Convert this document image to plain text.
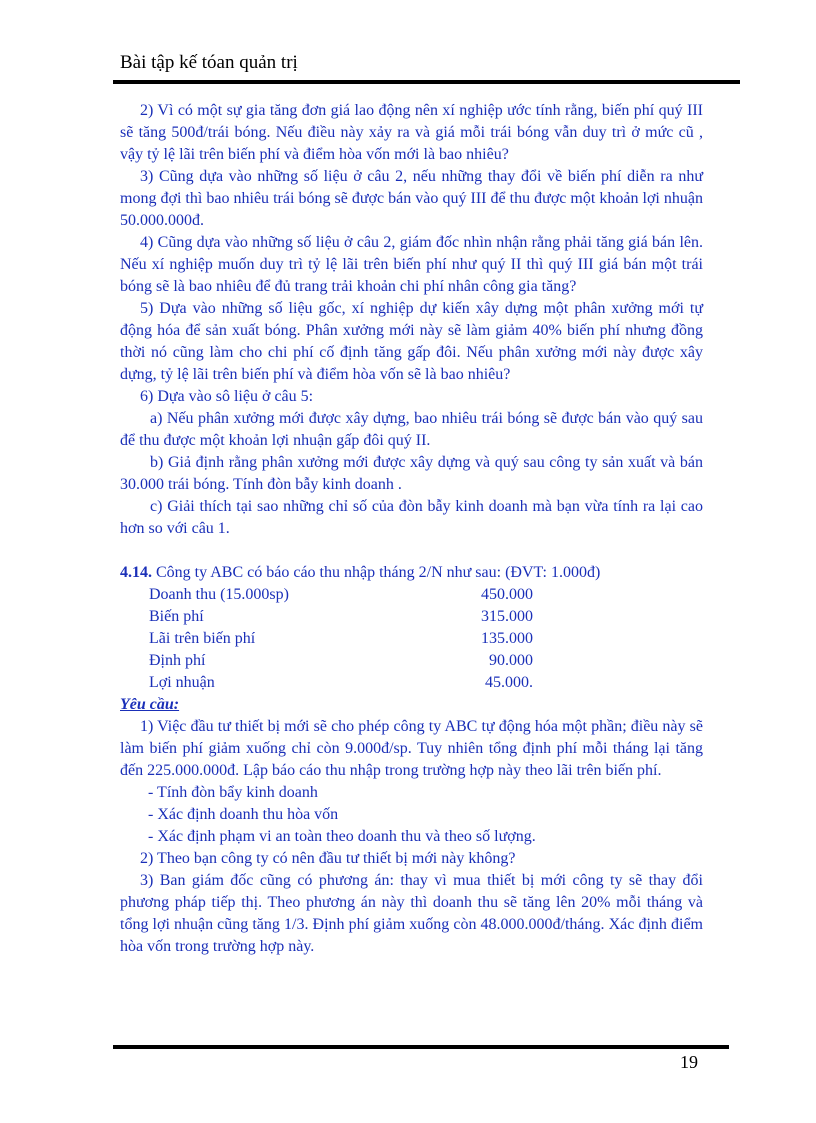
Bài tập kế tóan quản trị

2) Vì có một sự gia tăng đơn giá lao động nên xí nghiệp ước tính rằng, biến phí quý III sẽ tăng 500đ/trái bóng. Nếu điều này xảy ra và giá mỗi trái bóng vẫn duy trì ở mức cũ , vậy tỷ lệ lãi trên biến phí và điểm hòa vốn mới là bao nhiêu?

3) Cũng dựa vào những số liệu ở câu 2, nếu những thay đổi về biến phí diễn ra như mong đợi thì bao nhiêu trái bóng sẽ được bán vào quý III để thu được một khoản lợi nhuận 50.000.000đ.

4) Cũng dựa vào những số liệu ở câu 2, giám đốc nhìn nhận rằng phải tăng giá bán lên. Nếu xí nghiệp muốn duy trì tỷ lệ lãi trên biến phí như quý II thì quý III giá bán một trái bóng sẽ là bao nhiêu để đủ trang trải khoản chi phí nhân công gia tăng?

5) Dựa vào những số liệu gốc, xí nghiệp dự kiến xây dựng một phân xưởng mới tự động hóa để sản xuất bóng. Phân xưởng mới này sẽ làm giảm 40% biến phí nhưng đồng thời nó cũng làm cho chi phí cố định tăng gấp đôi. Nếu phân xưởng mới này được xây dựng, tỷ lệ lãi trên biến phí và điểm hòa vốn sẽ là bao nhiêu?

6) Dựa vào sô liệu ở câu 5:

a) Nếu phân xưởng mới được xây dựng, bao nhiêu trái bóng sẽ được bán vào quý sau để thu được một khoản lợi nhuận gấp đôi quý II.

b) Giả định rằng phân xưởng mới được xây dựng và quý sau công ty sản xuất và bán 30.000 trái bóng. Tính đòn bẫy kinh doanh .

c) Giải thích tại sao những chỉ số của đòn bẫy kinh doanh mà bạn vừa tính ra lại cao hơn so với câu 1.

4.14. Công ty ABC có báo cáo thu nhập tháng 2/N như sau: (ĐVT: 1.000đ)

Doanh thu (15.000sp)	450.000
Biến phí	315.000
Lãi trên biến phí	135.000
Định phí	90.000
Lợi nhuận	45.000.

Yêu cầu:

1) Việc đầu tư thiết bị mới sẽ cho phép công ty ABC tự động hóa một phần; điều này sẽ làm biến phí giảm xuống chỉ còn 9.000đ/sp. Tuy nhiên tổng định phí mỗi tháng lại tăng đến 225.000.000đ. Lập báo cáo thu nhập trong trường hợp này theo lãi trên biến phí.

- Tính đòn bẩy kinh doanh

- Xác định doanh thu hòa vốn

- Xác định phạm vi an toàn theo doanh thu và theo số lượng.

2) Theo bạn công ty có nên đầu tư thiết bị mới này không?

3) Ban giám đốc cũng có phương án: thay vì mua thiết bị mới công ty sẽ thay đổi phương pháp tiếp thị. Theo phương án này thì doanh thu sẽ tăng lên 20% mỗi tháng và tổng lợi nhuận cũng tăng 1/3. Định phí giảm xuống còn 48.000.000đ/tháng. Xác định điểm hòa vốn trong trường hợp này.

19
